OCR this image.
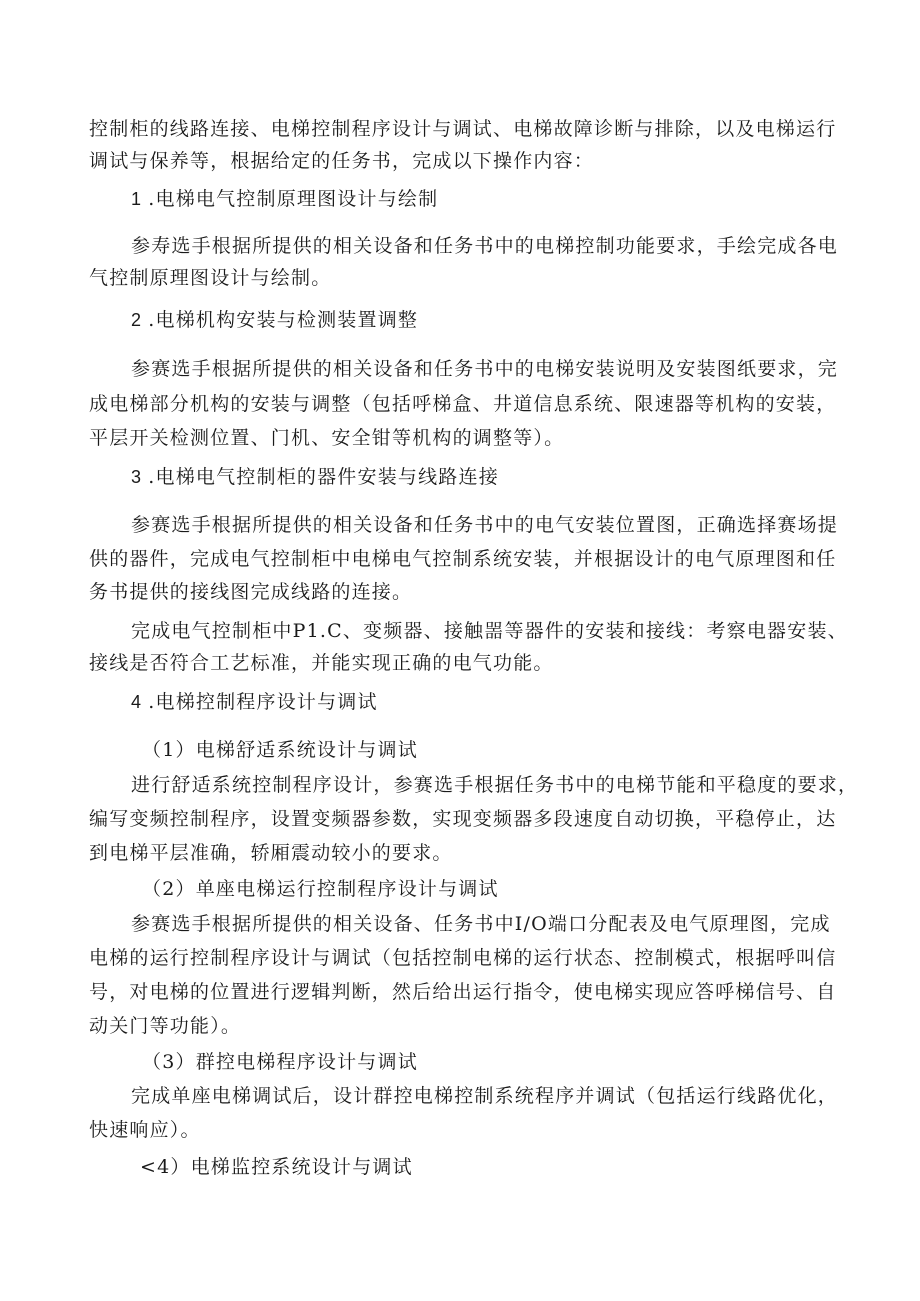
控制柜的线路连接、电梯控制程序设计与调试、电梯故障诊断与排除，以及电梯运行
调试与保养等，根据给定的任务书，完成以下操作内容：
1 .电梯电气控制原理图设计与绘制
参寿选手根据所提供的相关设备和任务书中的电梯控制功能要求，手绘完成各电
气控制原理图设计与绘制。
2 .电梯机构安装与检测装置调整
参赛选手根据所提供的相关设备和任务书中的电梯安装说明及安装图纸要求，完
成电梯部分机构的安装与调整（包括呼梯盒、井道信息系统、限速器等机构的安装，
平层开关检测位置、门机、安全钳等机构的调整等）。
3 .电梯电气控制柜的器件安装与线路连接
参赛选手根据所提供的相关设备和任务书中的电气安装位置图，正确选择赛场提
供的器件，完成电气控制柜中电梯电气控制系统安装，并根据设计的电气原理图和任
务书提供的接线图完成线路的连接。
完成电气控制柜中P1.C、变频器、接触噐等器件的安装和接线：考察电器安装、
接线是否符合工艺标准，并能实现正确的电气功能。
4 .电梯控制程序设计与调试
（1）电梯舒适系统设计与调试
进行舒适系统控制程序设计，参赛选手根据任务书中的电梯节能和平稳度的要求，
编写变频控制程序，设置变频器参数，实现变频器多段速度自动切换，平稳停止，达
到电梯平层准确，轿厢震动较小的要求。
（2）单座电梯运行控制程序设计与调试
参赛选手根据所提供的相关设备、任务书中I/O端口分配表及电气原理图，完成
电梯的运行控制程序设计与调试（包括控制电梯的运行状态、控制模式，根据呼叫信
号，对电梯的位置进行逻辑判断，然后给出运行指令，使电梯实现应答呼梯信号、自
动关门等功能）。
（3）群控电梯程序设计与调试
完成单座电梯调试后，设计群控电梯控制系统程序并调试（包括运行线路优化，
快速响应）。
<4）电梯监控系统设计与调试
